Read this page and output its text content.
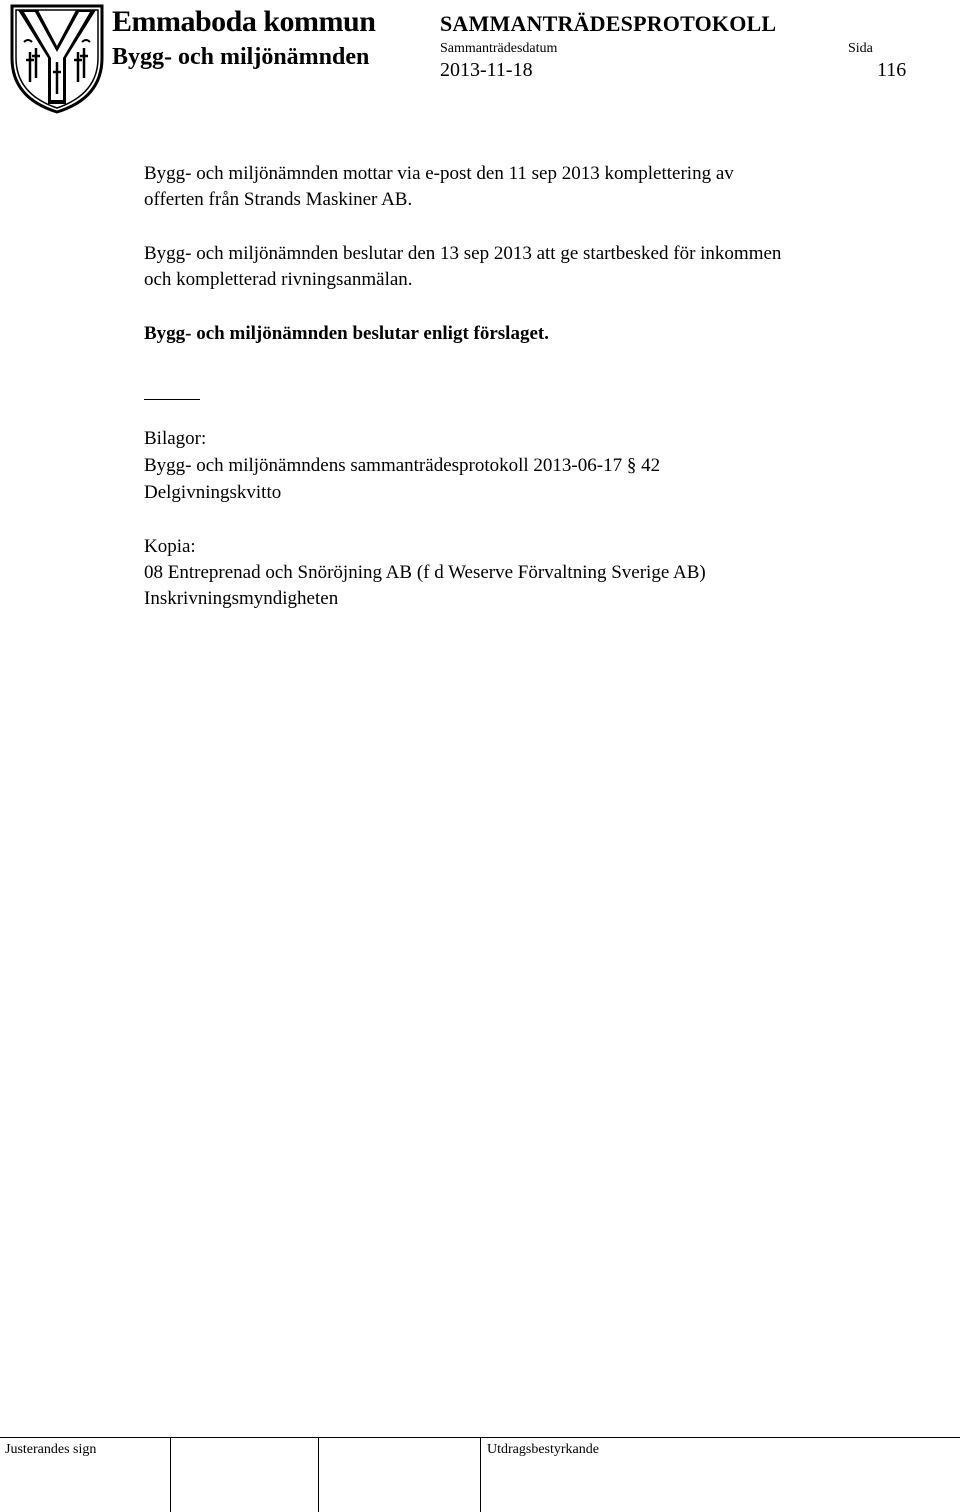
Emmaboda kommun
Bygg- och miljönämnden
SAMMANTRÄDESPROTOKOLL
Sammanträdesdatum
2013-11-18
Sida
116
Bygg- och miljönämnden mottar via e-post den 11 sep 2013 komplettering av
offerten från Strands Maskiner AB.
Bygg- och miljönämnden beslutar den 13 sep 2013 att ge startbesked för inkommen
och kompletterad rivningsanmälan.
Bygg- och miljönämnden beslutar enligt förslaget.
Bilagor:
Bygg- och miljönämndens sammanträdesprotokoll 2013-06-17 § 42
Delgivningskvitto
Kopia:
08 Entreprenad och Snöröjning AB (f d Weserve Förvaltning Sverige AB)
Inskrivningsmyndigheten
Justerandes sign	Utdragsbestyrkande
